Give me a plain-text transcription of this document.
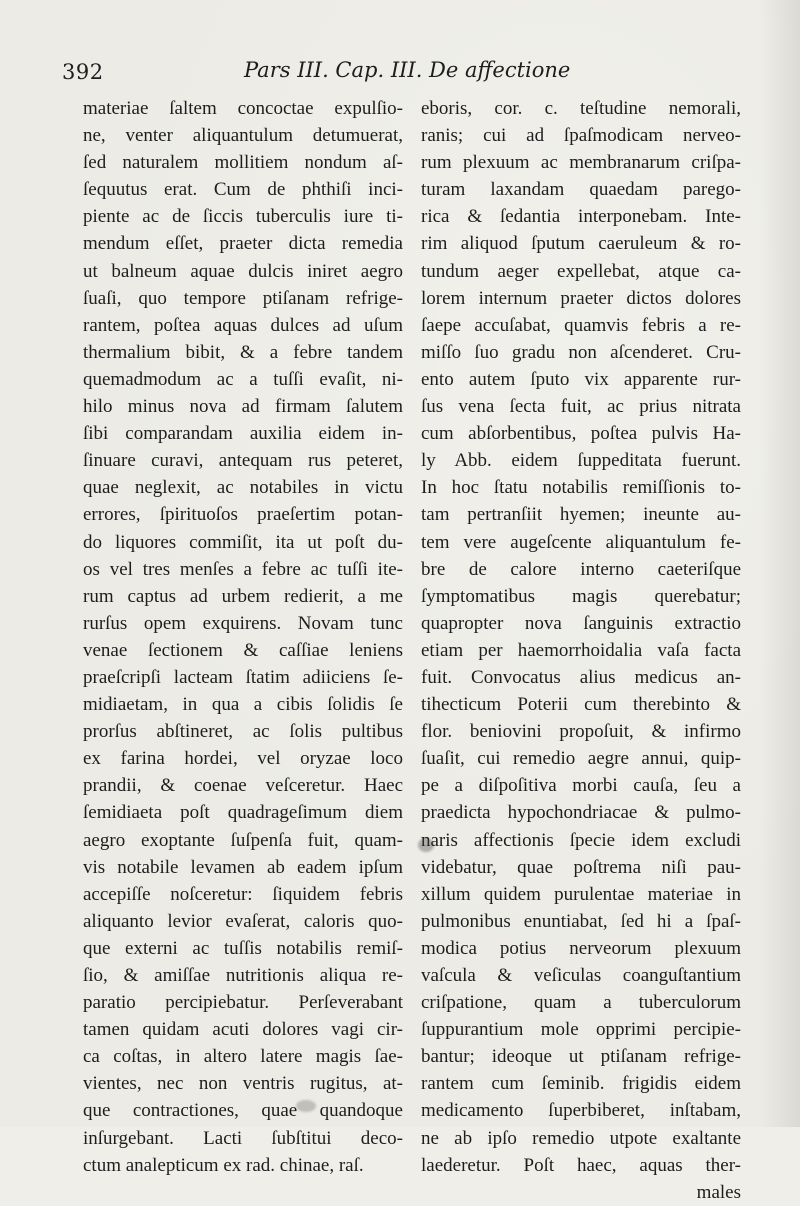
392	Pars III. Cap. III. De affectione
materiae ſaltem concoctae expulſio-
ne, venter aliquantulum detumuerat,
ſed naturalem mollitiem nondum aſ-
ſequutus erat. Cum de phthiſi inci-
piente ac de ſiccis tuberculis iure ti-
mendum eſſet, praeter dicta remedia
ut balneum aquae dulcis iniret aegro
ſuaſi, quo tempore ptiſanam refrige-
rantem, poſtea aquas dulces ad uſum
thermalium bibit, & a febre tandem
quemadmodum ac a tuſſi evaſit, ni-
hilo minus nova ad firmam ſalutem
ſibi comparandam auxilia eidem in-
ſinuare curavi, antequam rus peteret,
quae neglexit, ac notabiles in victu
errores, ſpirituoſos praeſertim potan-
do liquores commiſit, ita ut poſt du-
os vel tres menſes a febre ac tuſſi ite-
rum captus ad urbem redierit, a me
rurſus opem exquirens. Novam tunc
venae ſectionem & caſſiae leniens
praeſcripſi lacteam ſtatim adiiciens ſe-
midiaetam, in qua a cibis ſolidis ſe
prorſus abſtineret, ac ſolis pultibus
ex farina hordei, vel oryzae loco
prandii, & coenae veſceretur. Haec
ſemidiaeta poſt quadrageſimum diem
aegro exoptante ſuſpenſa fuit, quam-
vis notabile levamen ab eadem ipſum
accepiſſe noſceretur: ſiquidem febris
aliquanto levior evaſerat, caloris quo-
que externi ac tuſſis notabilis remiſ-
ſio, & amiſſae nutritionis aliqua re-
paratio percipiebatur. Perſeverabant
tamen quidam acuti dolores vagi cir-
ca coſtas, in altero latere magis ſae-
vientes, nec non ventris rugitus, at-
que contractiones, quae quandoque
inſurgebant. Lacti ſubſtitui deco-
ctum analepticum ex rad. chinae, raſ.
eboris, cor. c. teſtudine nemorali,
ranis; cui ad ſpaſmodicam nerveo-
rum plexuum ac membranarum criſpa-
turam laxandam quaedam parego-
rica & ſedantia interponebam. Inte-
rim aliquod ſputum caeruleum & ro-
tundum aeger expellebat, atque ca-
lorem internum praeter dictos dolores
ſaepe accuſabat, quamvis febris a re-
miſſo ſuo gradu non aſcenderet. Cru-
ento autem ſputo vix apparente rur-
ſus vena ſecta fuit, ac prius nitrata
cum abſorbentibus, poſtea pulvis Ha-
ly Abb. eidem ſuppeditata fuerunt.
In hoc ſtatu notabilis remiſſionis to-
tam pertranſiit hyemen; ineunte au-
tem vere augeſcente aliquantulum fe-
bre de calore interno caeteriſque
ſymptomatibus magis querebatur;
quapropter nova ſanguinis extractio
etiam per haemorrhoidalia vaſa facta
fuit. Convocatus alius medicus an-
tihecticum Poterii cum therebinto &
flor. beniovini propoſuit, & infirmo
ſuaſit, cui remedio aegre annui, quip-
pe a diſpoſitiva morbi cauſa, ſeu a
praedicta hypochondriacae & pulmo-
naris affectionis ſpecie idem excludi
videbatur, quae poſtrema niſi pau-
xillum quidem purulentae materiae in
pulmonibus enuntiabat, ſed hi a ſpaſ-
modica potius nerveorum plexuum
vaſcula & veſiculas coanguſtantium
criſpatione, quam a tuberculorum
ſuppurantium mole opprimi percipie-
bantur; ideoque ut ptiſanam refrige-
rantem cum ſeminib. frigidis eidem
medicamento ſuperbiberet, inſtabam,
ne ab ipſo remedio utpote exaltante
laederetur. Poſt haec, aquas ther-
males
